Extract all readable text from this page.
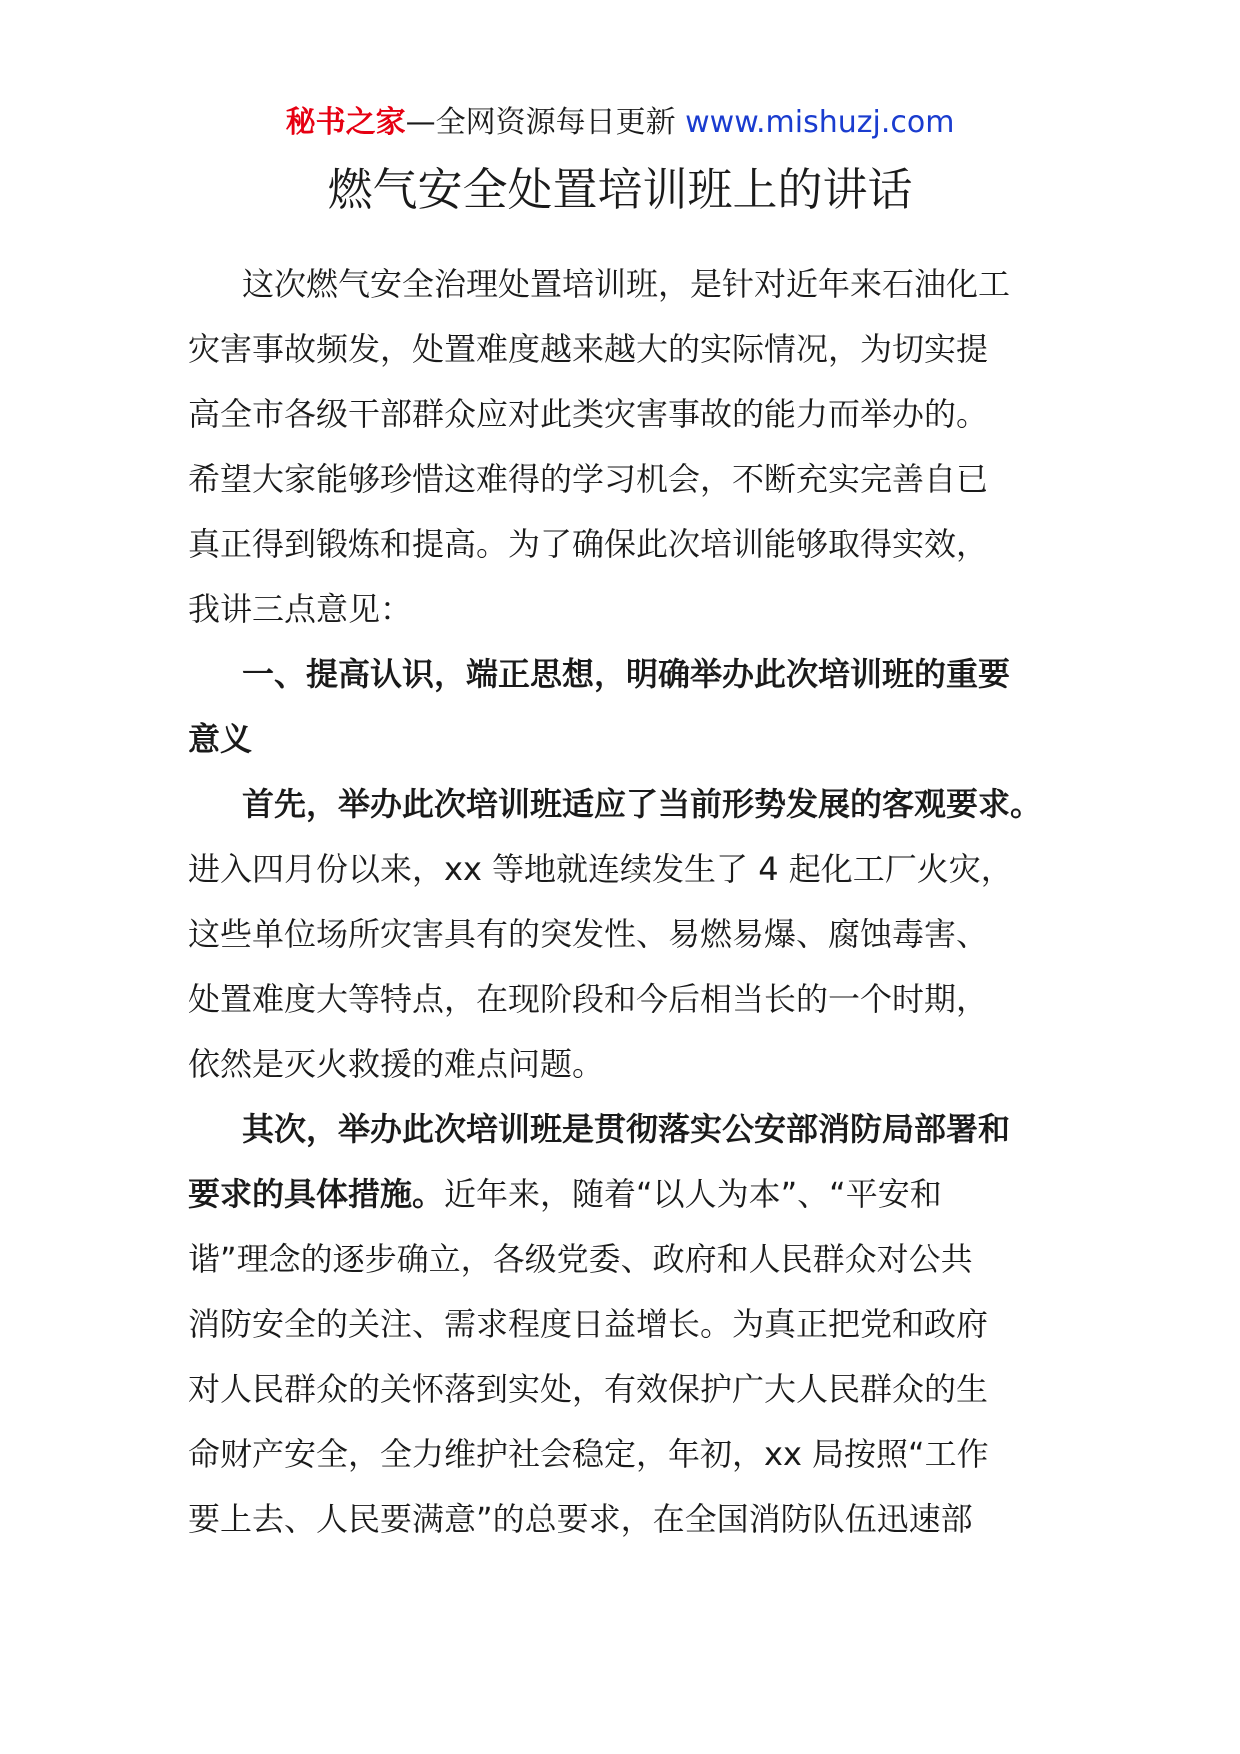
秘书之家—全网资源每日更新 www.mishuzj.com
燃气安全处置培训班上的讲话
这次燃气安全治理处置培训班，是针对近年来石油化工
灾害事故频发，处置难度越来越大的实际情况，为切实提
高全市各级干部群众应对此类灾害事故的能力而举办的。
希望大家能够珍惜这难得的学习机会，不断充实完善自已
真正得到锻炼和提高。为了确保此次培训能够取得实效，
我讲三点意见：
一、提高认识，端正思想，明确举办此次培训班的重要
意义
首先，举办此次培训班适应了当前形势发展的客观要求。
进入四月份以来，xx 等地就连续发生了 4 起化工厂火灾，
这些单位场所灾害具有的突发性、易燃易爆、腐蚀毒害、
处置难度大等特点，在现阶段和今后相当长的一个时期，
依然是灭火救援的难点问题。
其次，举办此次培训班是贯彻落实公安部消防局部署和
要求的具体措施。近年来，随着“以人为本”、“平安和
谐”理念的逐步确立，各级党委、政府和人民群众对公共
消防安全的关注、需求程度日益增长。为真正把党和政府
对人民群众的关怀落到实处，有效保护广大人民群众的生
命财产安全，全力维护社会稳定，年初，xx 局按照“工作
要上去、人民要满意”的总要求，在全国消防队伍迅速部
